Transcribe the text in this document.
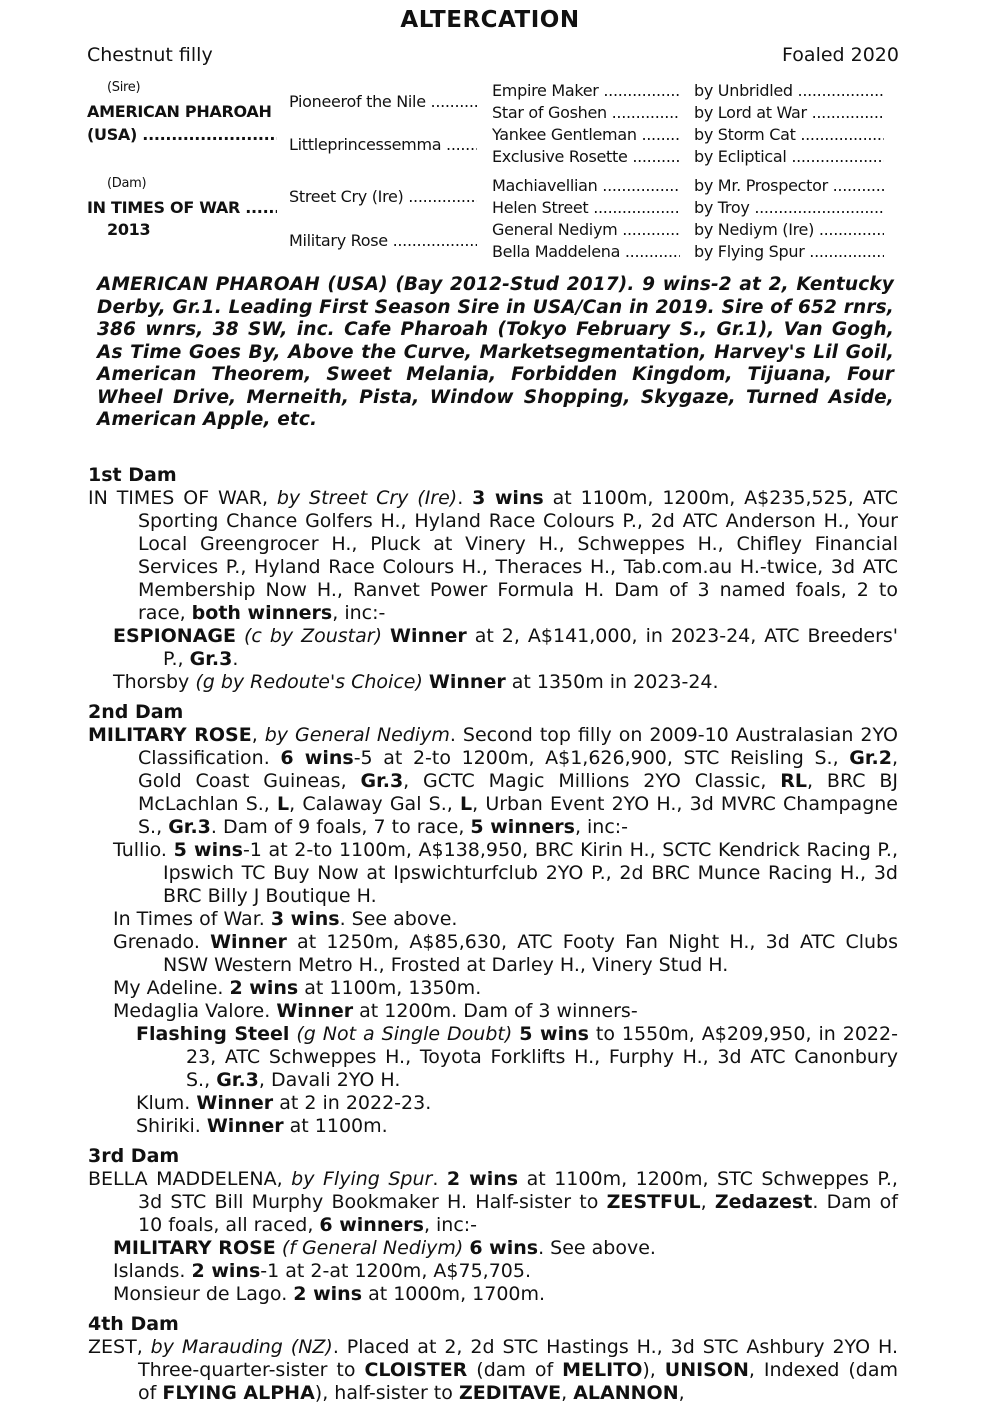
ALTERCATION
Chestnut filly	Foaled 2020
(Sire)
AMERICAN PHAROAH
(USA) .....
(Dam)
IN TIMES OF WAR .....
2013
Pioneerof the Nile .....
Littleprincessemma .....
Street Cry (Ire) .....
Military Rose .....
Empire Maker .....
Star of Goshen .....
Yankee Gentleman .....
Exclusive Rosette .....
Machiavellian .....
Helen Street .....
General Nediym .....
Bella Maddelena .....
by Unbridled .....
by Lord at War .....
by Storm Cat .....
by Ecliptical .....
by Mr. Prospector .....
by Troy .....
by Nediym (Ire) .....
by Flying Spur .....
AMERICAN PHAROAH (USA) (Bay 2012-Stud 2017). 9 wins-2 at 2, Kentucky Derby, Gr.1. Leading First Season Sire in USA/Can in 2019. Sire of 652 rnrs, 386 wnrs, 38 SW, inc. Cafe Pharoah (Tokyo February S., Gr.1), Van Gogh, As Time Goes By, Above the Curve, Marketsegmentation, Harvey's Lil Goil, American Theorem, Sweet Melania, Forbidden Kingdom, Tijuana, Four Wheel Drive, Merneith, Pista, Window Shopping, Skygaze, Turned Aside, American Apple, etc.
1st Dam
IN TIMES OF WAR, by Street Cry (Ire). 3 wins at 1100m, 1200m, A$235,525, ATC Sporting Chance Golfers H., Hyland Race Colours P., 2d ATC Anderson H., Your Local Greengrocer H., Pluck at Vinery H., Schweppes H., Chifley Financial Services P., Hyland Race Colours H., Theraces H., Tab.com.au H.-twice, 3d ATC Membership Now H., Ranvet Power Formula H. Dam of 3 named foals, 2 to race, both winners, inc:-
ESPIONAGE (c by Zoustar) Winner at 2, A$141,000, in 2023-24, ATC Breeders' P., Gr.3.
Thorsby (g by Redoute's Choice) Winner at 1350m in 2023-24.
2nd Dam
MILITARY ROSE, by General Nediym. Second top filly on 2009-10 Australasian 2YO Classification. 6 wins-5 at 2-to 1200m, A$1,626,900, STC Reisling S., Gr.2, Gold Coast Guineas, Gr.3, GCTC Magic Millions 2YO Classic, RL, BRC BJ McLachlan S., L, Calaway Gal S., L, Urban Event 2YO H., 3d MVRC Champagne S., Gr.3. Dam of 9 foals, 7 to race, 5 winners, inc:-
Tullio. 5 wins-1 at 2-to 1100m, A$138,950, BRC Kirin H., SCTC Kendrick Racing P., Ipswich TC Buy Now at Ipswichturfclub 2YO P., 2d BRC Munce Racing H., 3d BRC Billy J Boutique H.
In Times of War. 3 wins. See above.
Grenado. Winner at 1250m, A$85,630, ATC Footy Fan Night H., 3d ATC Clubs NSW Western Metro H., Frosted at Darley H., Vinery Stud H.
My Adeline. 2 wins at 1100m, 1350m.
Medaglia Valore. Winner at 1200m. Dam of 3 winners-
Flashing Steel (g Not a Single Doubt) 5 wins to 1550m, A$209,950, in 2022-23, ATC Schweppes H., Toyota Forklifts H., Furphy H., 3d ATC Canonbury S., Gr.3, Davali 2YO H.
Klum. Winner at 2 in 2022-23.
Shiriki. Winner at 1100m.
3rd Dam
BELLA MADDELENA, by Flying Spur. 2 wins at 1100m, 1200m, STC Schweppes P., 3d STC Bill Murphy Bookmaker H. Half-sister to ZESTFUL, Zedazest. Dam of 10 foals, all raced, 6 winners, inc:-
MILITARY ROSE (f General Nediym) 6 wins. See above.
Islands. 2 wins-1 at 2-at 1200m, A$75,705.
Monsieur de Lago. 2 wins at 1000m, 1700m.
4th Dam
ZEST, by Marauding (NZ). Placed at 2, 2d STC Hastings H., 3d STC Ashbury 2YO H. Three-quarter-sister to CLOISTER (dam of MELITO), UNISON, Indexed (dam of FLYING ALPHA), half-sister to ZEDITAVE, ALANNON,
